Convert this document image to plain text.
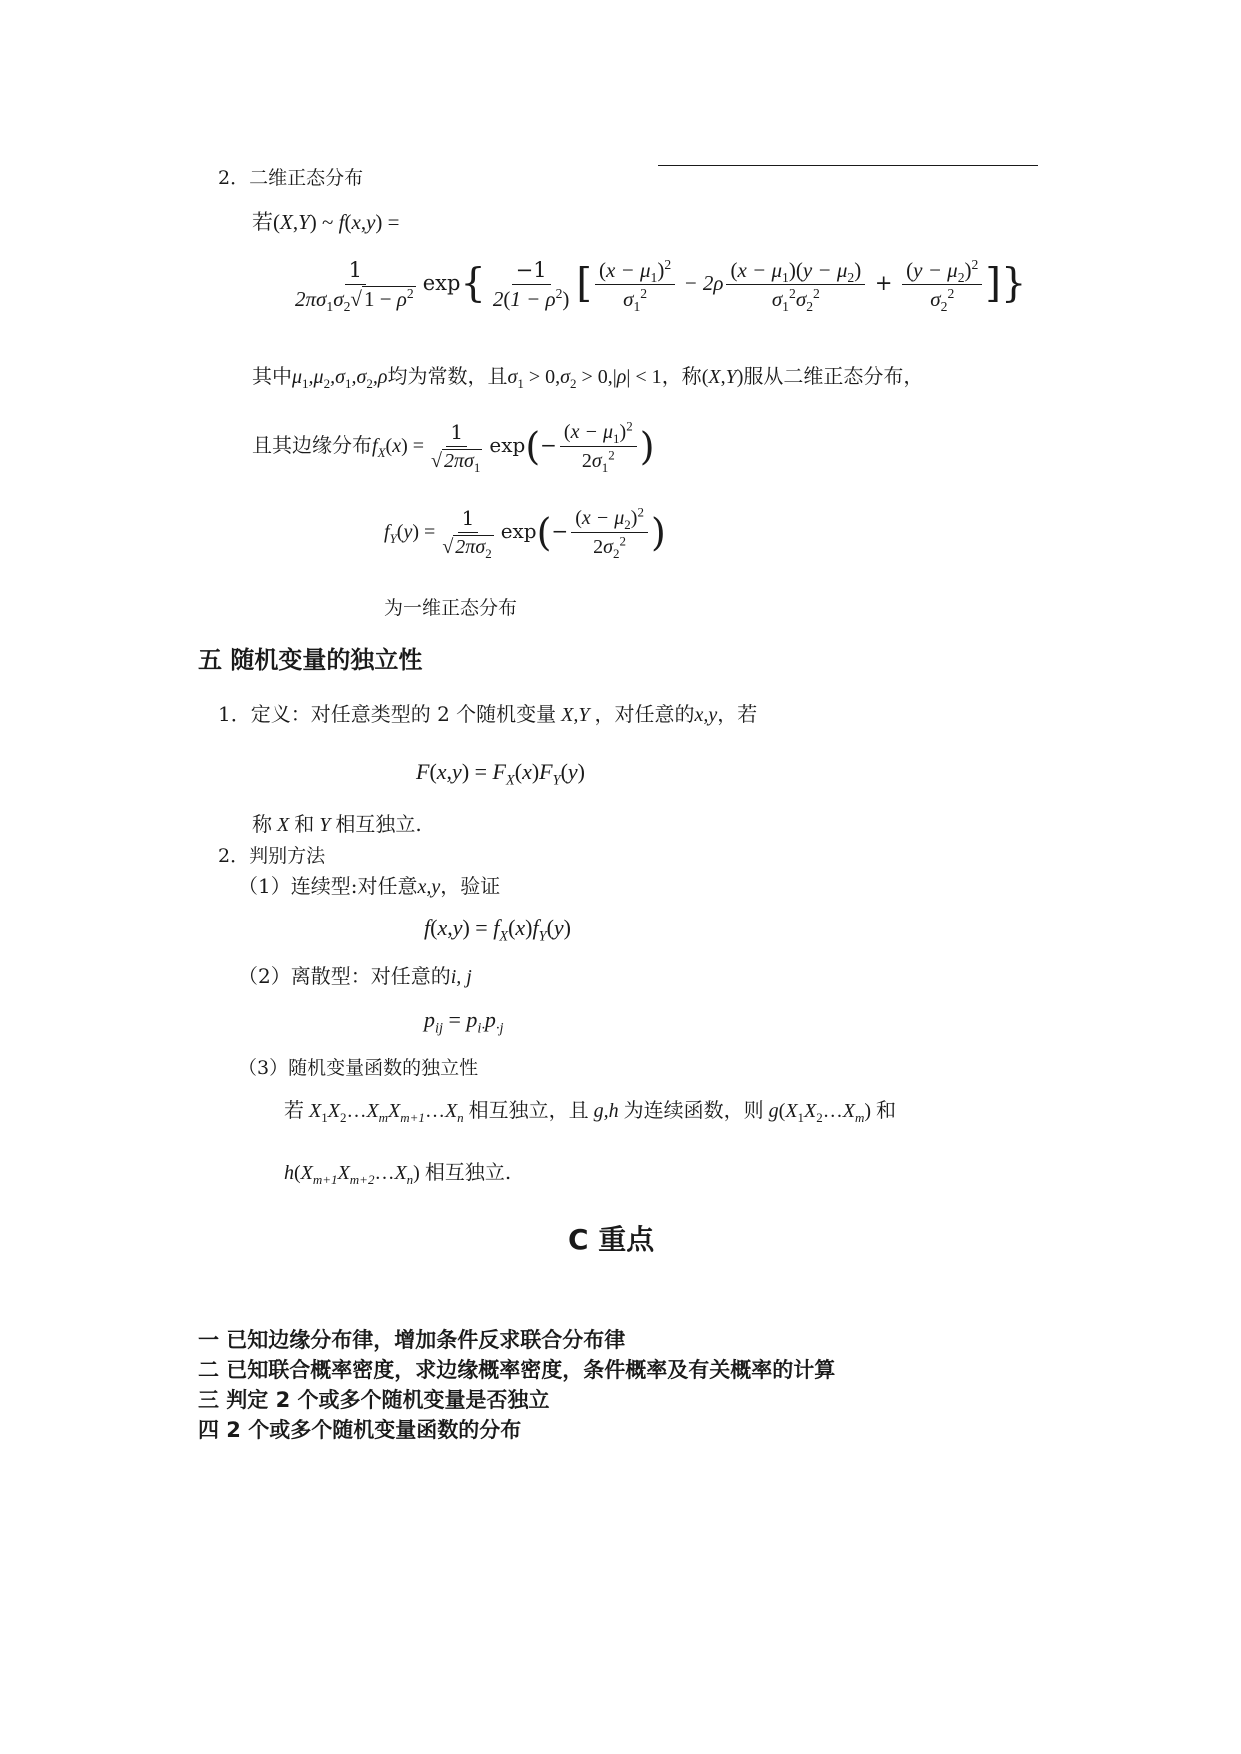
2．二维正态分布
若(X,Y) ~ f(x,y) =
$\frac{1}{2\pi\sigma_1\sigma_2√1 - \rho^2} \exp\{ \frac{-1}{2(1 - \rho^2)}$ [ $\frac{(x - \mu_1)^2}{\sigma_1^2} - 2\rho \frac{(x - \mu_1)(y - \mu_2)}{\sigma_1^2\sigma_2^2} + \frac{(y - \mu_2)^2}{\sigma_2^2}$ ]}
其中$\mu_1,\mu_2,\sigma_1,\sigma_2,\rho$均为常数，且$\sigma_1 > 0,\sigma_2 > 0,|\rho| < 1$，称(X,Y)服从二维正态分布，
且其边缘分布$f_X(x) = \frac{1}{√ 2\pi\sigma_1} \exp(- \frac{(x - \mu_1)^2}{2\sigma_1^2}$ )
$f_Y(y) = \frac{1}{√ 2\pi\sigma_2} \exp(- \frac{(x - \mu_2)^2}{2\sigma_2^2}$ )
为一维正态分布
五 随机变量的独立性
1．定义：对任意类型的 2 个随机变量 X,Y ，对任意的x,y，若
$F(x,y) = F_X(x)F_Y(y)$
称 X 和 Y 相互独立.
2．判别方法
（1）连续型:对任意x,y，验证
$f(x,y) = f_X(x)f_Y(y)$
（2）离散型：对任意的i, j
$p_{ij} = p_{i\cdot}p_{\cdot j}$
（3）随机变量函数的独立性
若 $X_1X_2\dots X_mX_{m+1}\dots X_n$ 相互独立，且 g,h 为连续函数，则 $g(X_1X_2\dots X_m)$ 和
$h(X_{m+1}X_{m+2}\dots X_n)$ 相互独立.
C 重点
一 已知边缘分布律，增加条件反求联合分布律
二 已知联合概率密度，求边缘概率密度，条件概率及有关概率的计算
三 判定 2 个或多个随机变量是否独立
四 2 个或多个随机变量函数的分布
